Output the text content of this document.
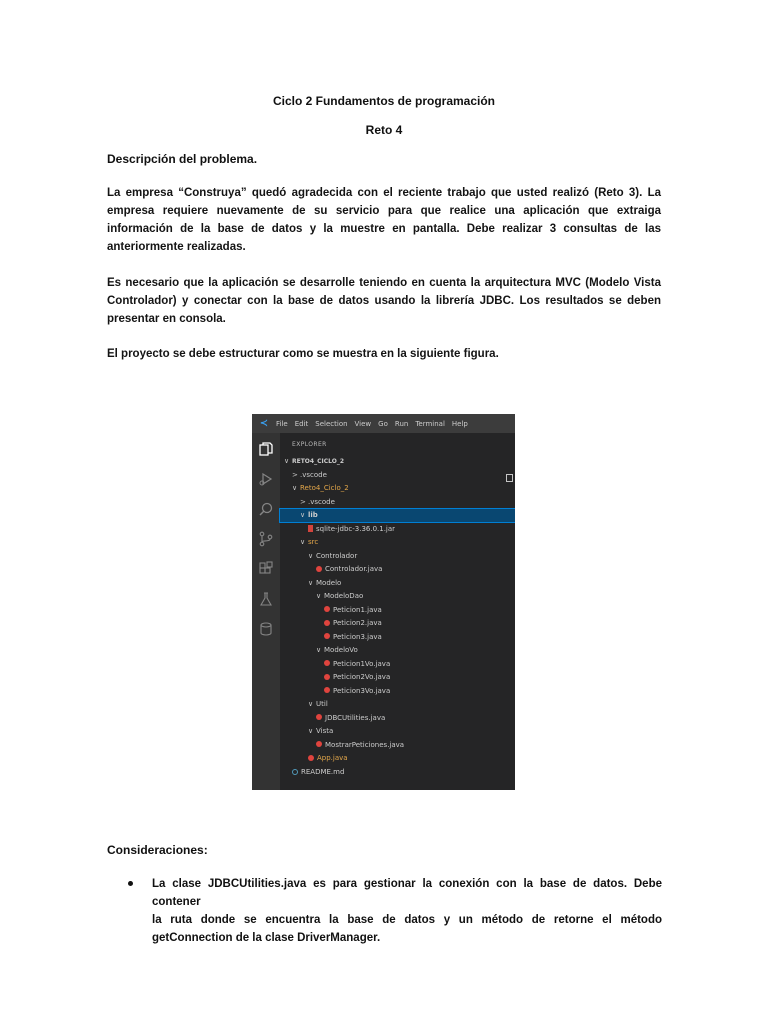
Ciclo 2 Fundamentos de programación
Reto 4
Descripción del problema.
La empresa “Construya” quedó agradecida con el reciente trabajo que usted realizó (Reto 3). La
empresa requiere nuevamente de su servicio para que realice una aplicación que extraiga
información de la base de datos y la muestre en pantalla. Debe realizar 3 consultas de las
anteriormente realizadas.
Es necesario que la aplicación se desarrolle teniendo en cuenta la arquitectura MVC (Modelo Vista
Controlador) y conectar con la base de datos usando la librería JDBC. Los resultados se deben
presentar en consola.
El proyecto se debe estructurar como se muestra en la siguiente figura.
≺	File Edit Selection View Go Run Terminal Help
EXPLORER
∨ RETO4_CICLO_2
> .vscode
∨ Reto4_Ciclo_2
> .vscode
∨ lib
sqlite-jdbc-3.36.0.1.jar
∨ src
∨ Controlador
Controlador.java
∨ Modelo
∨ ModeloDao
Peticion1.java
Peticion2.java
Peticion3.java
∨ ModeloVo
Peticion1Vo.java
Peticion2Vo.java
Peticion3Vo.java
∨ Util
JDBCUtilities.java
∨ Vista
MostrarPeticiones.java
App.java
README.md
Consideraciones:
La clase JDBCUtilities.java es para gestionar la conexión con la base de datos. Debe contener
la ruta donde se encuentra la base de datos y un método de retorne el método
getConnection de la clase DriverManager.
